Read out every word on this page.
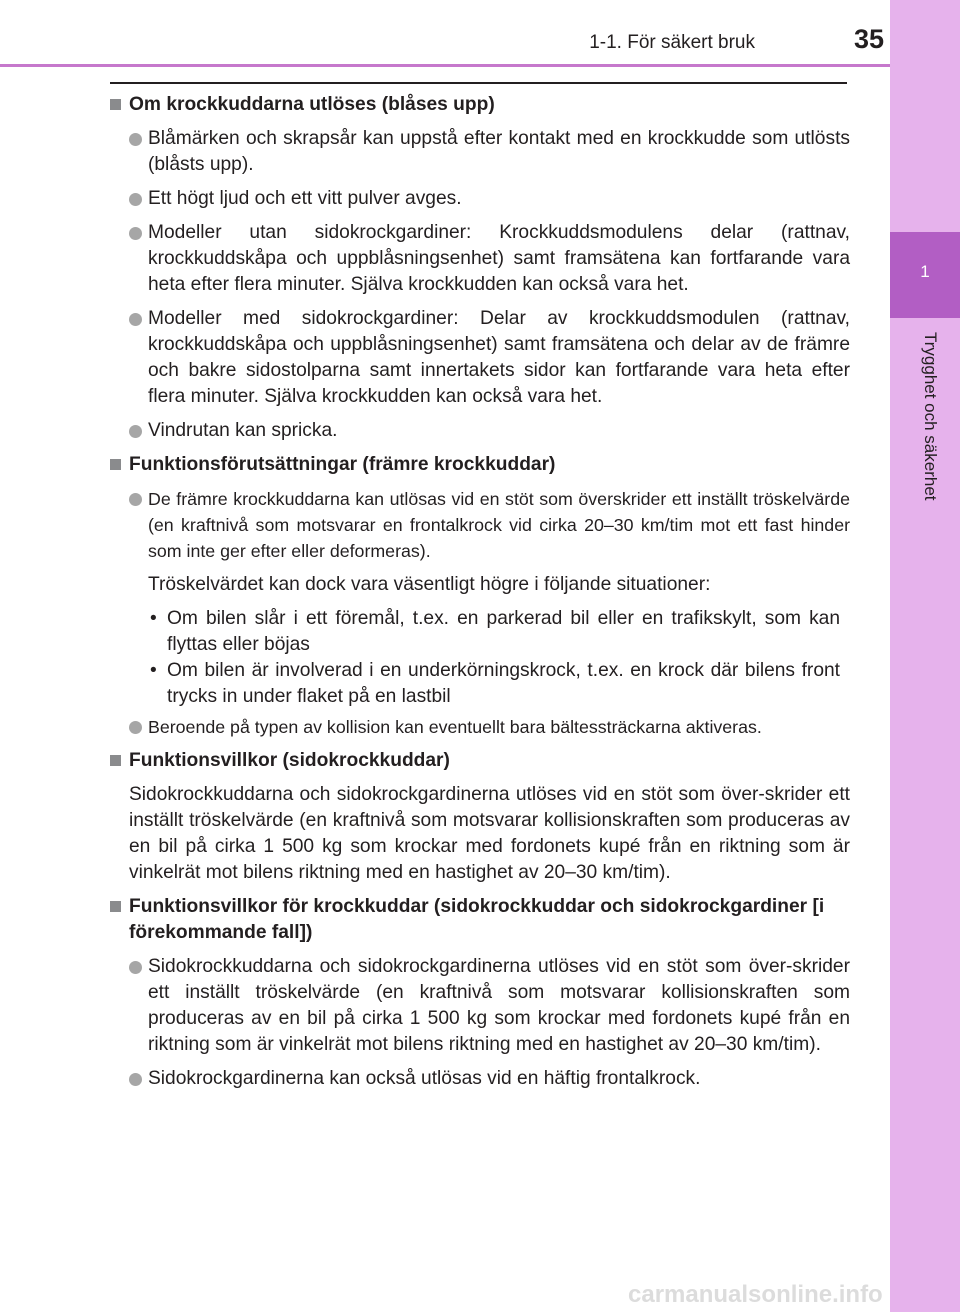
1-1. För säkert bruk	35
1
Trygghet och säkerhet
Om krockkuddarna utlöses (blåses upp)
Blåmärken och skrapsår kan uppstå efter kontakt med en krockkudde som utlösts (blåsts upp).
Ett högt ljud och ett vitt pulver avges.
Modeller utan sidokrockgardiner: Krockkuddsmodulens delar (rattnav, krockkuddskåpa och uppblåsningsenhet) samt framsätena kan fortfarande vara heta efter flera minuter. Själva krockkudden kan också vara het.
Modeller med sidokrockgardiner: Delar av krockkuddsmodulen (rattnav, krockkuddskåpa och uppblåsningsenhet) samt framsätena och delar av de främre och bakre sidostolparna samt innertakets sidor kan fortfarande vara heta efter flera minuter. Själva krockkudden kan också vara het.
Vindrutan kan spricka.
Funktionsförutsättningar (främre krockkuddar)
De främre krockkuddarna kan utlösas vid en stöt som överskrider ett inställt tröskelvärde (en kraftnivå som motsvarar en frontalkrock vid cirka 20–30 km/tim mot ett fast hinder som inte ger efter eller deformeras).
Tröskelvärdet kan dock vara väsentligt högre i följande situationer:
• Om bilen slår i ett föremål, t.ex. en parkerad bil eller en trafikskylt, som kan flyttas eller böjas
• Om bilen är involverad i en underkörningskrock, t.ex. en krock där bilens front trycks in under flaket på en lastbil
Beroende på typen av kollision kan eventuellt bara bältessträckarna aktiveras.
Funktionsvillkor (sidokrockkuddar)
Sidokrockkuddarna och sidokrockgardinerna utlöses vid en stöt som över-skrider ett inställt tröskelvärde (en kraftnivå som motsvarar kollisionskraften som produceras av en bil på cirka 1 500 kg som krockar med fordonets kupé från en riktning som är vinkelrät mot bilens riktning med en hastighet av 20–30 km/tim).
Funktionsvillkor för krockkuddar (sidokrockkuddar och sidokrockgardiner [i förekommande fall])
Sidokrockkuddarna och sidokrockgardinerna utlöses vid en stöt som över-skrider ett inställt tröskelvärde (en kraftnivå som motsvarar kollisionskraften som produceras av en bil på cirka 1 500 kg som krockar med fordonets kupé från en riktning som är vinkelrät mot bilens riktning med en hastighet av 20–30 km/tim).
Sidokrockgardinerna kan också utlösas vid en häftig frontalkrock.
carmanualsonline.info
